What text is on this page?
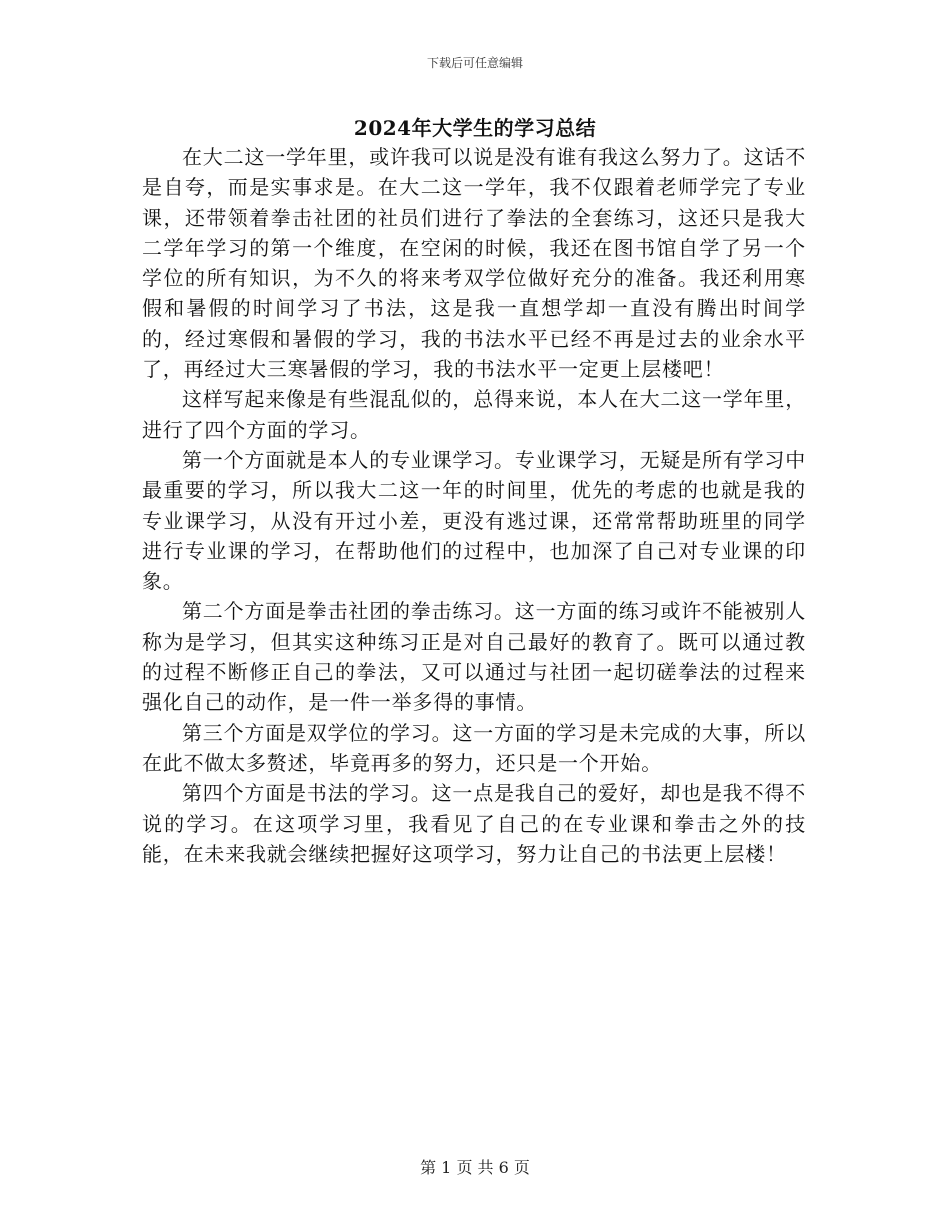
下载后可任意编辑
2024年大学生的学习总结

在大二这一学年里，或许我可以说是没有谁有我这么努力了。这话不是自夸，而是实事求是。在大二这一学年，我不仅跟着老师学完了专业课，还带领着拳击社团的社员们进行了拳法的全套练习，这还只是我大二学年学习的第一个维度，在空闲的时候，我还在图书馆自学了另一个学位的所有知识，为不久的将来考双学位做好充分的准备。我还利用寒假和暑假的时间学习了书法，这是我一直想学却一直没有腾出时间学的，经过寒假和暑假的学习，我的书法水平已经不再是过去的业余水平了，再经过大三寒暑假的学习，我的书法水平一定更上层楼吧！

这样写起来像是有些混乱似的，总得来说，本人在大二这一学年里，进行了四个方面的学习。

第一个方面就是本人的专业课学习。专业课学习，无疑是所有学习中最重要的学习，所以我大二这一年的时间里，优先的考虑的也就是我的专业课学习，从没有开过小差，更没有逃过课，还常常帮助班里的同学进行专业课的学习，在帮助他们的过程中，也加深了自己对专业课的印象。

第二个方面是拳击社团的拳击练习。这一方面的练习或许不能被别人称为是学习，但其实这种练习正是对自己最好的教育了。既可以通过教的过程不断修正自己的拳法，又可以通过与社团一起切磋拳法的过程来强化自己的动作，是一件一举多得的事情。

第三个方面是双学位的学习。这一方面的学习是未完成的大事，所以在此不做太多赘述，毕竟再多的努力，还只是一个开始。

第四个方面是书法的学习。这一点是我自己的爱好，却也是我不得不说的学习。在这项学习里，我看见了自己的在专业课和拳击之外的技能，在未来我就会继续把握好这项学习，努力让自己的书法更上层楼！

第 1 页 共 6 页
